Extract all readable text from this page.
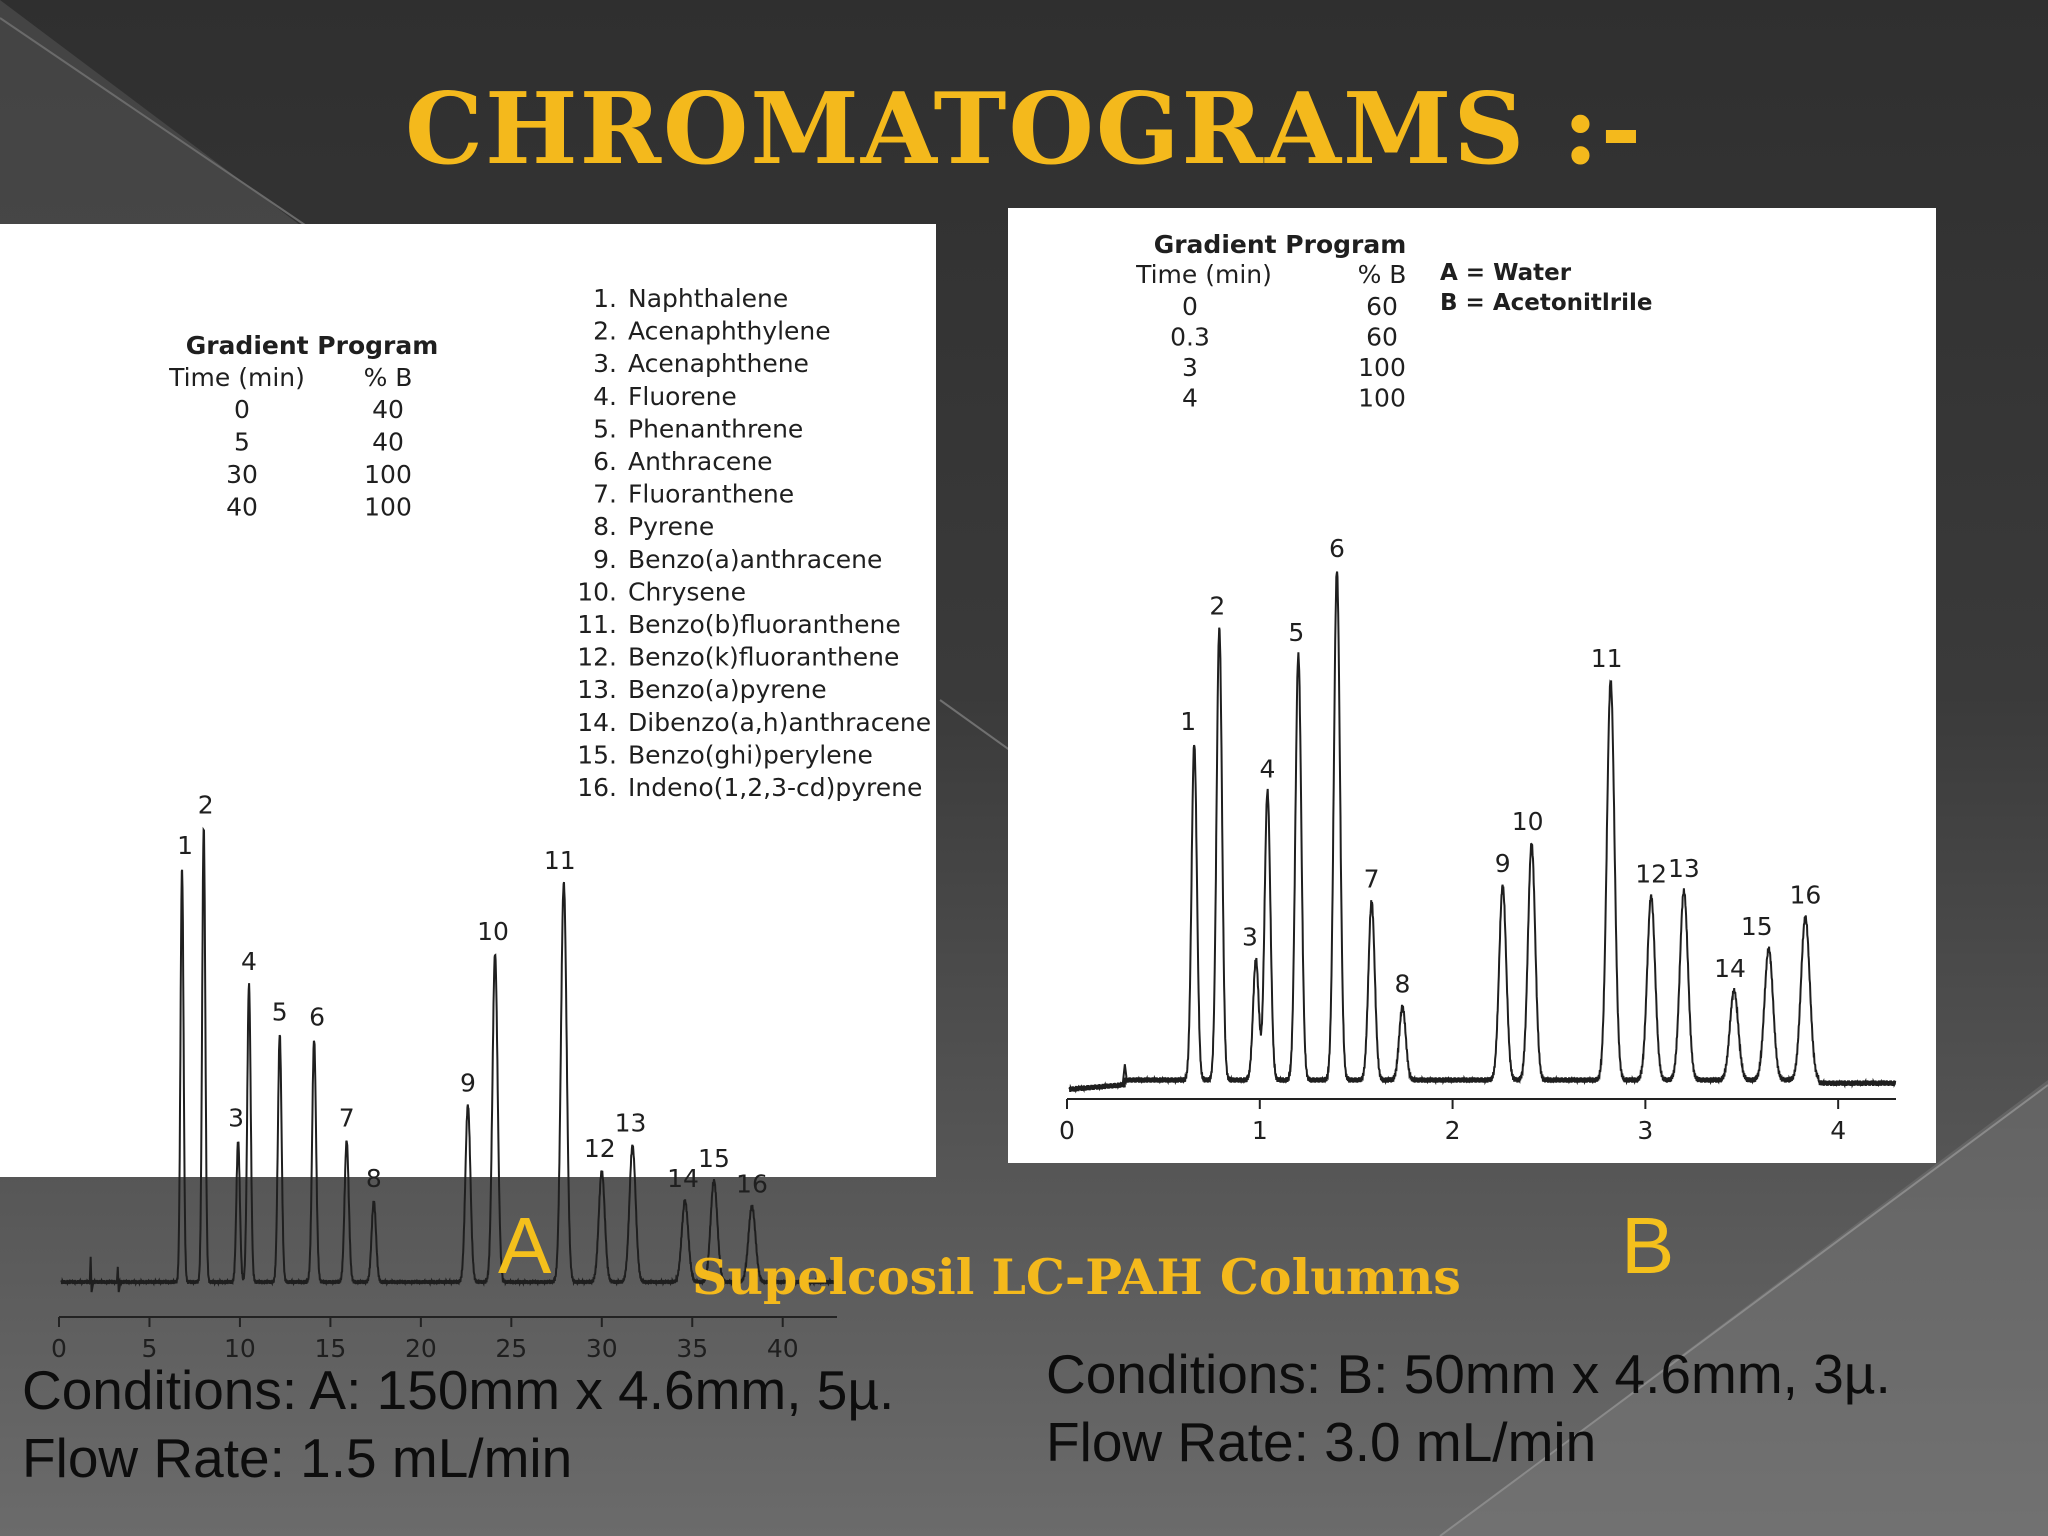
CHROMATOGRAMS :-
Gradient Program
Time (min) % B
0	40
5	40
30	100
40	100
1. Naphthalene
2. Acenaphthylene
3. Acenaphthene
4. Fluorene
5. Phenanthrene
6. Anthracene
7. Fluoranthene
8. Pyrene
9. Benzo(a)anthracene
10. Chrysene
11. Benzo(b)fluoranthene
12. Benzo(k)fluoranthene
13. Benzo(a)pyrene
14. Dibenzo(a,h)anthracene
15. Benzo(ghi)perylene
16. Indeno(1,2,3-cd)pyrene
0	5	10 15 20 25 30 35 40
1
2
3
4
5 6
7
8
9
10
11
12
13
14
15
16
Gradient Program
Time (min)	% B A = Water
B = Acetonitlrile
0	60
0.3	60
3	100
4	100
0	1	2	3	4
1
2
3
4
5
6
7
8
9
10
11
12 13
14
15
16
A	Supelcosil LC-PAH Columns B
Conditions: A: 150mm x 4.6mm, 5µ.
Flow Rate: 1.5 mL/min
Conditions: B: 50mm x 4.6mm, 3µ.
Flow Rate: 3.0 mL/min
